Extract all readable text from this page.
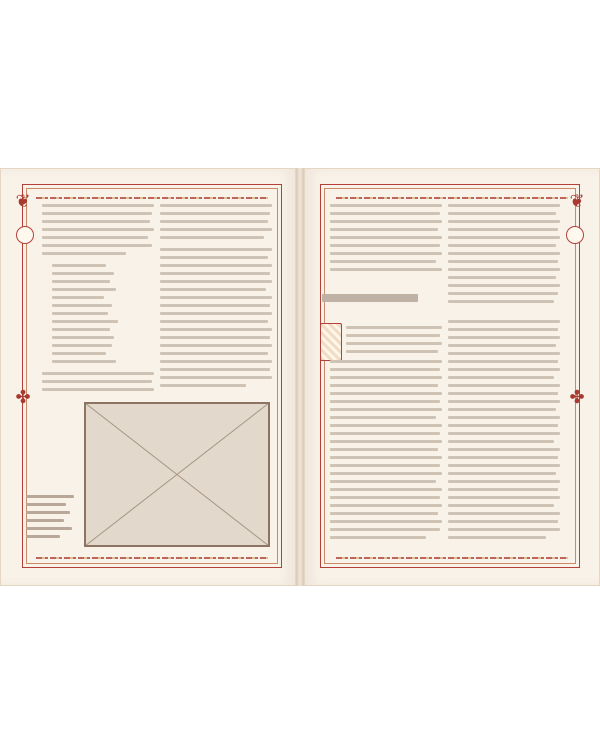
❦	❦
✤	✤
